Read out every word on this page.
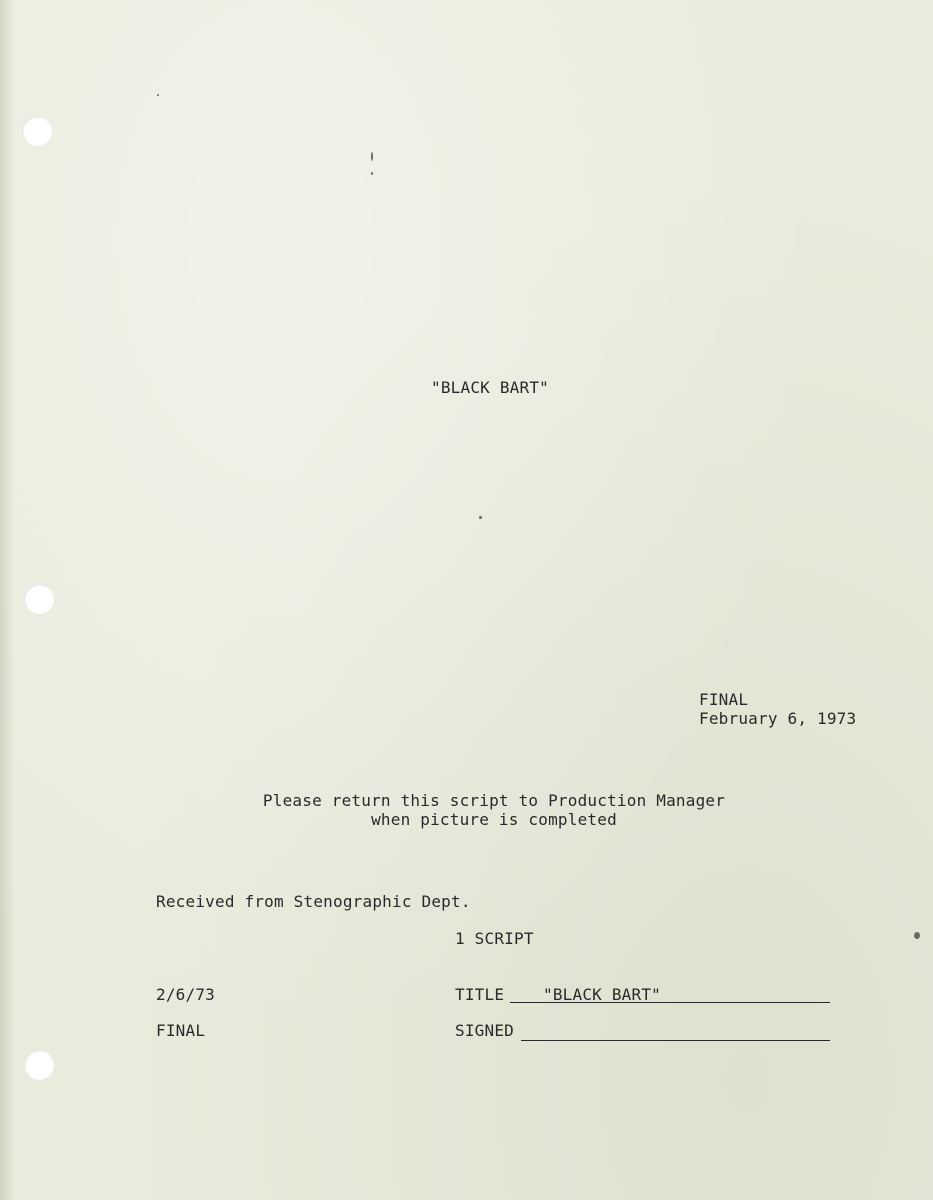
"BLACK BART"
FINAL
February 6, 1973
Please return this script to Production Manager
when picture is completed
Received from Stenographic Dept.
1 SCRIPT
2/6/73	TITLE "BLACK BART"
FINAL	SIGNED
